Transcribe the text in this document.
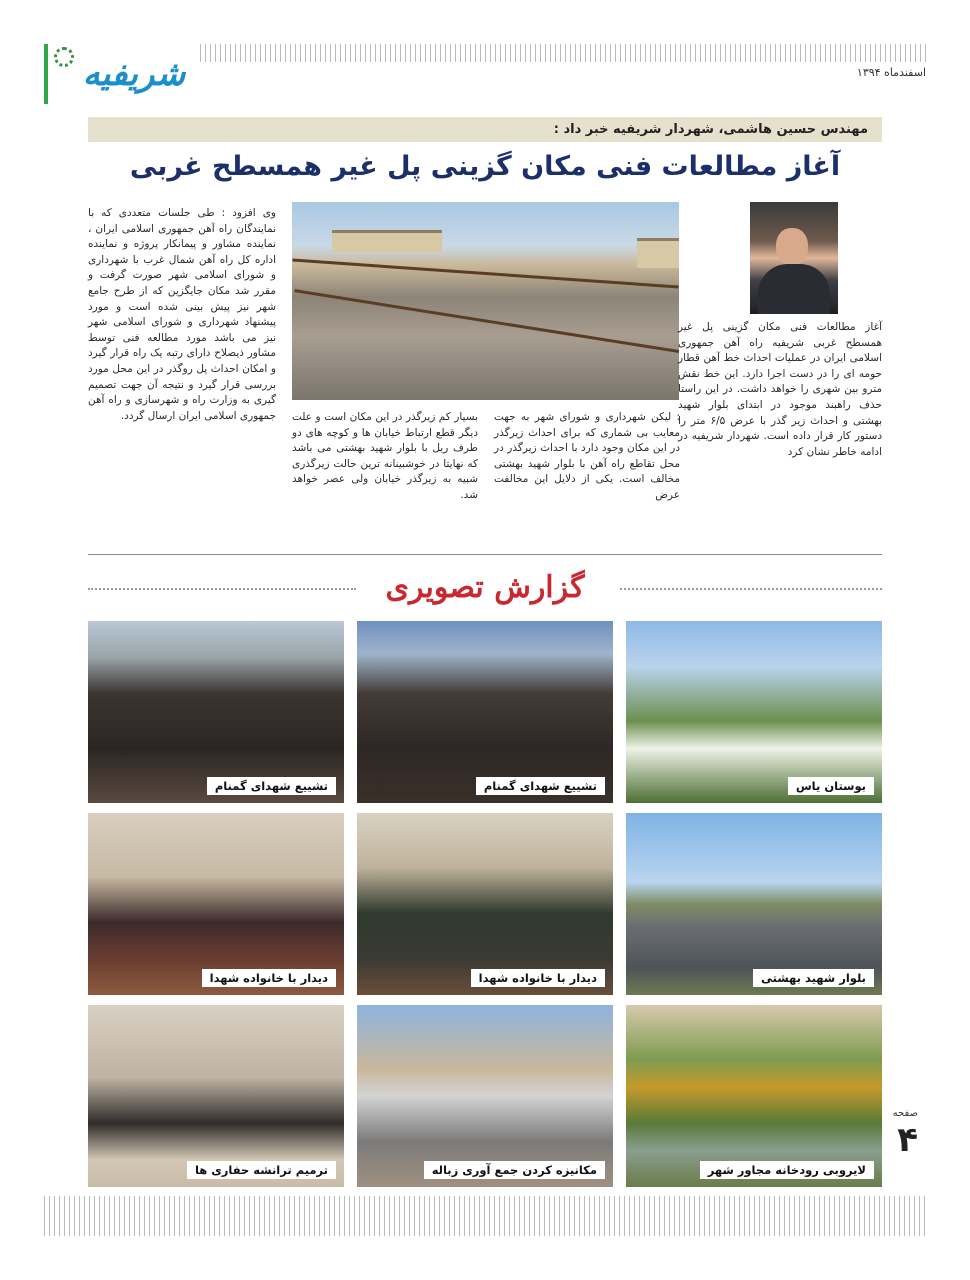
شریفیه	اسفندماه ۱۳۹۴
مهندس حسین هاشمی، شهردار شریفیه خبر داد :
آغاز مطالعات فنی مکان گزینی پل غیر همسطح غربی
آغاز مطالعات فنی مکان گزینی پل غیر همسطح غربی شریفیه راه آهن جمهوری اسلامی ایران در عملیات احداث خط آهن قطار حومه ای را در دست اجرا دارد. این خط نقش مترو بین شهری را خواهد داشت. در این راستا حذف راهبند موجود در ابتدای بلوار شهید بهشتی و احداث زیر گذر با عرض ۶/۵ متر را دستور کار قرار داده است. شهردار شریفیه در ادامه خاطر نشان کرد
: لیکن شهرداری و شورای شهر به جهت معایب بی شماری که برای احداث زیرگذر در این مکان وجود دارد با احداث زیرگذر در محل تقاطع راه آهن با بلوار شهید بهشتی مخالف است. یکی از دلایل این مخالفت عرض
بسیار کم زیرگذر در این مکان است و علت دیگر قطع ارتباط خیابان ها و کوچه های دو طرف ریل با بلوار شهید بهشتی می باشد که نهایتا در خوشبینانه ترین حالت زیرگذری شبیه به زیرگذر خیابان ولی عصر خواهد شد.
وی افزود : طی جلسات متعددی که با نمایندگان راه آهن جمهوری اسلامی ایران ، نماینده مشاور و پیمانکار پروژه و نماینده اداره کل راه آهن شمال غرب با شهرداری و شورای اسلامی شهر صورت گرفت و مقرر شد مکان جایگزین که از طرح جامع شهر نیز پیش بینی شده است و مورد پیشنهاد شهرداری و شورای اسلامی شهر نیز می باشد مورد مطالعه فنی توسط مشاور ذیصلاح دارای رتبه یک راه قرار گیرد و امکان احداث پل روگذر در این محل مورد بررسی قرار گیرد و نتیجه آن جهت تصمیم گیری به وزارت راه و شهرسازی و راه آهن جمهوری اسلامی ایران ارسال گردد.
گزارش تصویری
بوستان یاس
تشییع شهدای گمنام
تشییع شهدای گمنام
بلوار شهید بهشتی
دیدار با خانواده شهدا
دیدار با خانواده شهدا
لایروبی رودخانه مجاور شهر
مکانیزه کردن جمع آوری زباله
ترمیم ترانشه حفاری ها
صفحه
۴
